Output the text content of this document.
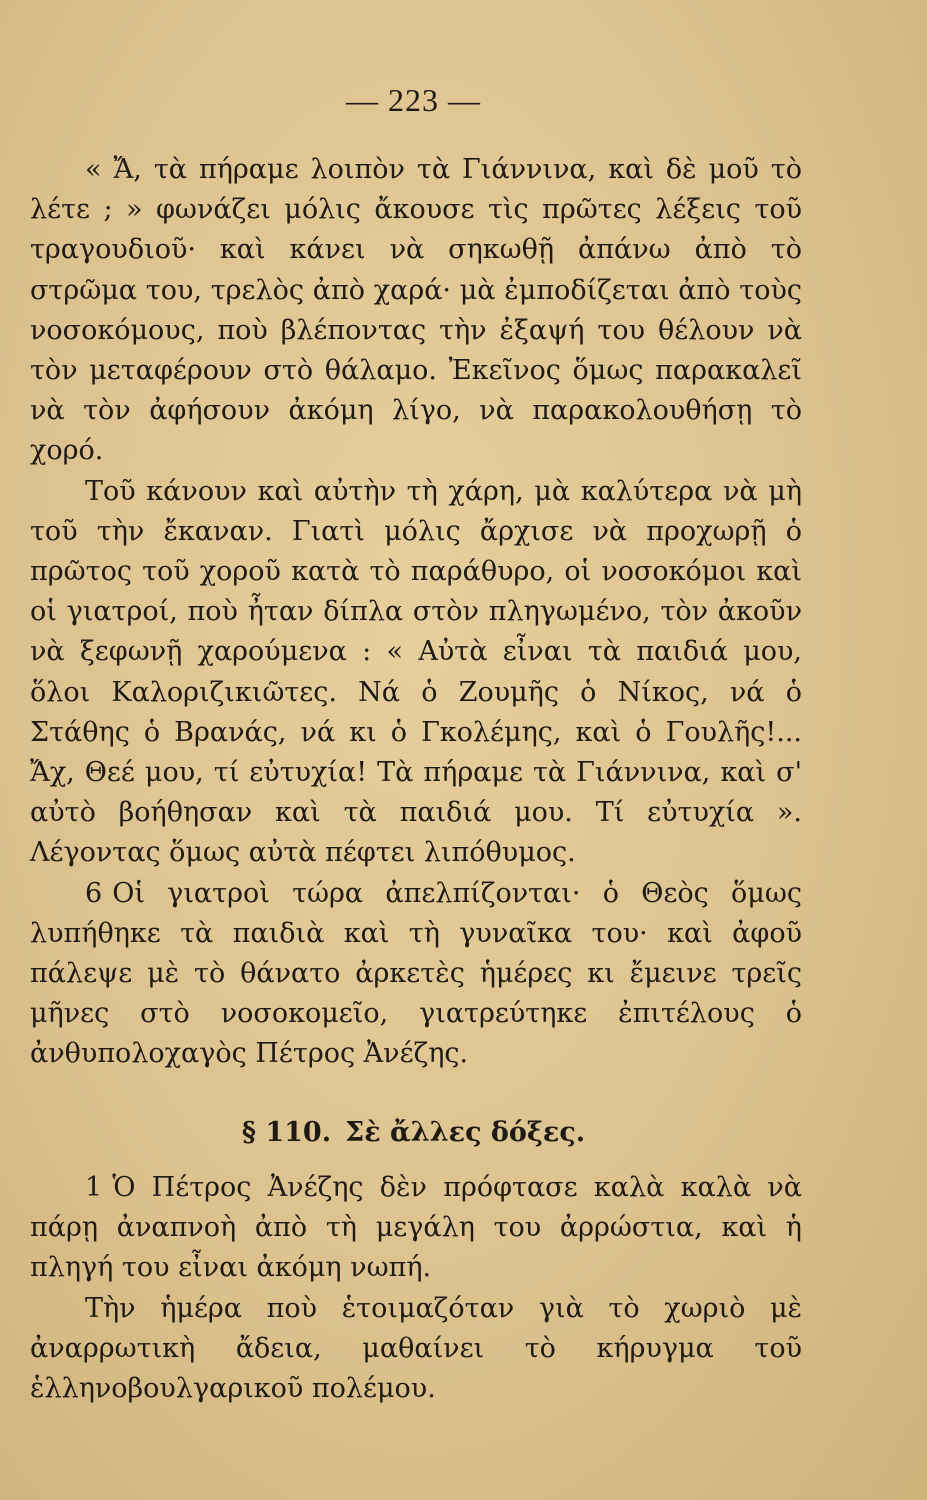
— 223 —

« Ἄ, τὰ πήραμε λοιπὸν τὰ Γιάννινα, καὶ δὲ μοῦ τὸ λέτε ; » φωνάζει μόλις ἄκουσε τὶς πρῶτες λέξεις τοῦ τραγουδιοῦ· καὶ κάνει νὰ σηκωθῇ ἀπάνω ἀπὸ τὸ στρῶμα του, τρελὸς ἀπὸ χαρά· μὰ ἐμποδίζεται ἀπὸ τοὺς νοσοκόμους, ποὺ βλέποντας τὴν ἐξαψή του θέλουν νὰ τὸν μεταφέρουν στὸ θάλαμο. Ἐκεῖνος ὅμως παρακαλεῖ νὰ τὸν ἀφήσουν ἀκόμη λίγο, νὰ παρακολουθήσῃ τὸ χορό.

Τοῦ κάνουν καὶ αὐτὴν τὴ χάρη, μὰ καλύτερα νὰ μὴ τοῦ τὴν ἔκαναν. Γιατὶ μόλις ἄρχισε νὰ προχωρῇ ὁ πρῶτος τοῦ χοροῦ κατὰ τὸ παράθυρο, οἱ νοσοκόμοι καὶ οἱ γιατροί, ποὺ ἦταν δίπλα στὸν πληγωμένο, τὸν ἀκοῦν νὰ ξεφωνῇ χαρούμενα : « Αὐτὰ εἶναι τὰ παιδιά μου, ὅλοι Καλοριζικιῶτες. Νά ὁ Ζουμῆς ὁ Νίκος, νά ὁ Στάθης ὁ Βρανάς, νά κι ὁ Γκολέμης, καὶ ὁ Γουλῆς!... Ἄχ, Θεέ μου, τί εὐτυχία! Τὰ πήραμε τὰ Γιάννινα, καὶ σ' αὐτὸ βοήθησαν καὶ τὰ παιδιά μου. Τί εὐτυχία ». Λέγοντας ὅμως αὐτὰ πέφτει λιπόθυμος.

6 Οἱ γιατροὶ τώρα ἀπελπίζονται· ὁ Θεὸς ὅμως λυπήθηκε τὰ παιδιὰ καὶ τὴ γυναῖκα του· καὶ ἀφοῦ πάλεψε μὲ τὸ θάνατο ἀρκετὲς ἡμέρες κι ἔμεινε τρεῖς μῆνες στὸ νοσοκομεῖο, γιατρεύτηκε ἐπιτέλους ὁ ἀνθυπολοχαγὸς Πέτρος Ἀνέζης.

§ 110. Σὲ ἄλλες δόξες.

1 Ὁ Πέτρος Ἀνέζης δὲν πρόφτασε καλὰ καλὰ νὰ πάρῃ ἀναπνοὴ ἀπὸ τὴ μεγάλη του ἀρρώστια, καὶ ἡ πληγή του εἶναι ἀκόμη νωπή.

Τὴν ἡμέρα ποὺ ἑτοιμαζόταν γιὰ τὸ χωριὸ μὲ ἀναρρωτικὴ ἄδεια, μαθαίνει τὸ κήρυγμα τοῦ ἑλληνοβουλγαρικοῦ πολέμου.
